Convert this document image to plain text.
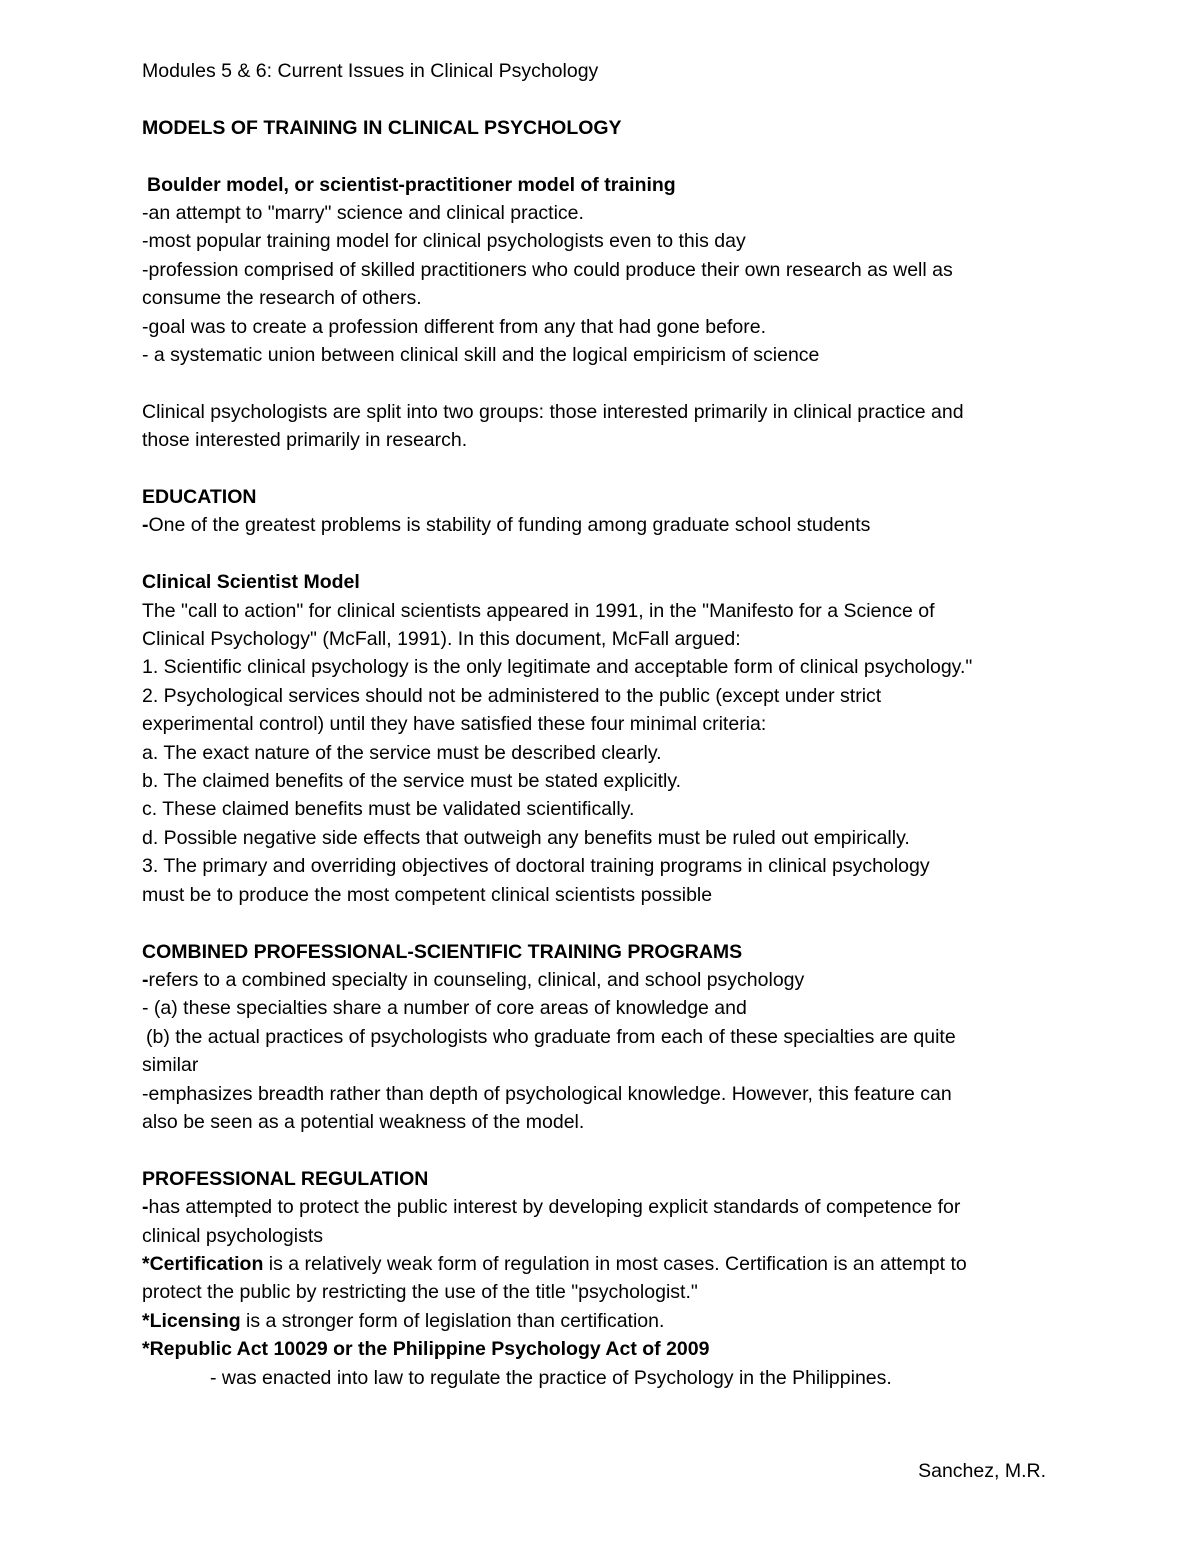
Modules 5 & 6: Current Issues in Clinical Psychology
MODELS OF TRAINING IN CLINICAL PSYCHOLOGY
Boulder model, or scientist-practitioner model of training
-an attempt to "marry" science and clinical practice.
-most popular training model for clinical psychologists even to this day
-profession comprised of skilled practitioners who could produce their own research as well as
consume the research of others.
-goal was to create a profession different from any that had gone before.
- a systematic union between clinical skill and the logical empiricism of science
Clinical psychologists are split into two groups: those interested primarily in clinical practice and
those interested primarily in research.
EDUCATION
-One of the greatest problems is stability of funding among graduate school students
Clinical Scientist Model
The "call to action" for clinical scientists appeared in 1991, in the "Manifesto for a Science of
Clinical Psychology" (McFall, 1991). In this document, McFall argued:
1. Scientific clinical psychology is the only legitimate and acceptable form of clinical psychology."
2. Psychological services should not be administered to the public (except under strict
experimental control) until they have satisfied these four minimal criteria:
a. The exact nature of the service must be described clearly.
b. The claimed benefits of the service must be stated explicitly.
c. These claimed benefits must be validated scientifically.
d. Possible negative side effects that outweigh any benefits must be ruled out empirically.
3. The primary and overriding objectives of doctoral training programs in clinical psychology
must be to produce the most competent clinical scientists possible
COMBINED PROFESSIONAL-SCIENTIFIC TRAINING PROGRAMS
-refers to a combined specialty in counseling, clinical, and school psychology
- (a) these specialties share a number of core areas of knowledge and
(b) the actual practices of psychologists who graduate from each of these specialties are quite
similar
-emphasizes breadth rather than depth of psychological knowledge. However, this feature can
also be seen as a potential weakness of the model.
PROFESSIONAL REGULATION
-has attempted to protect the public interest by developing explicit standards of competence for
clinical psychologists
*Certification is a relatively weak form of regulation in most cases. Certification is an attempt to
protect the public by restricting the use of the title "psychologist."
*Licensing is a stronger form of legislation than certification.
*Republic Act 10029 or the Philippine Psychology Act of 2009
- was enacted into law to regulate the practice of Psychology in the Philippines.
Sanchez, M.R.
